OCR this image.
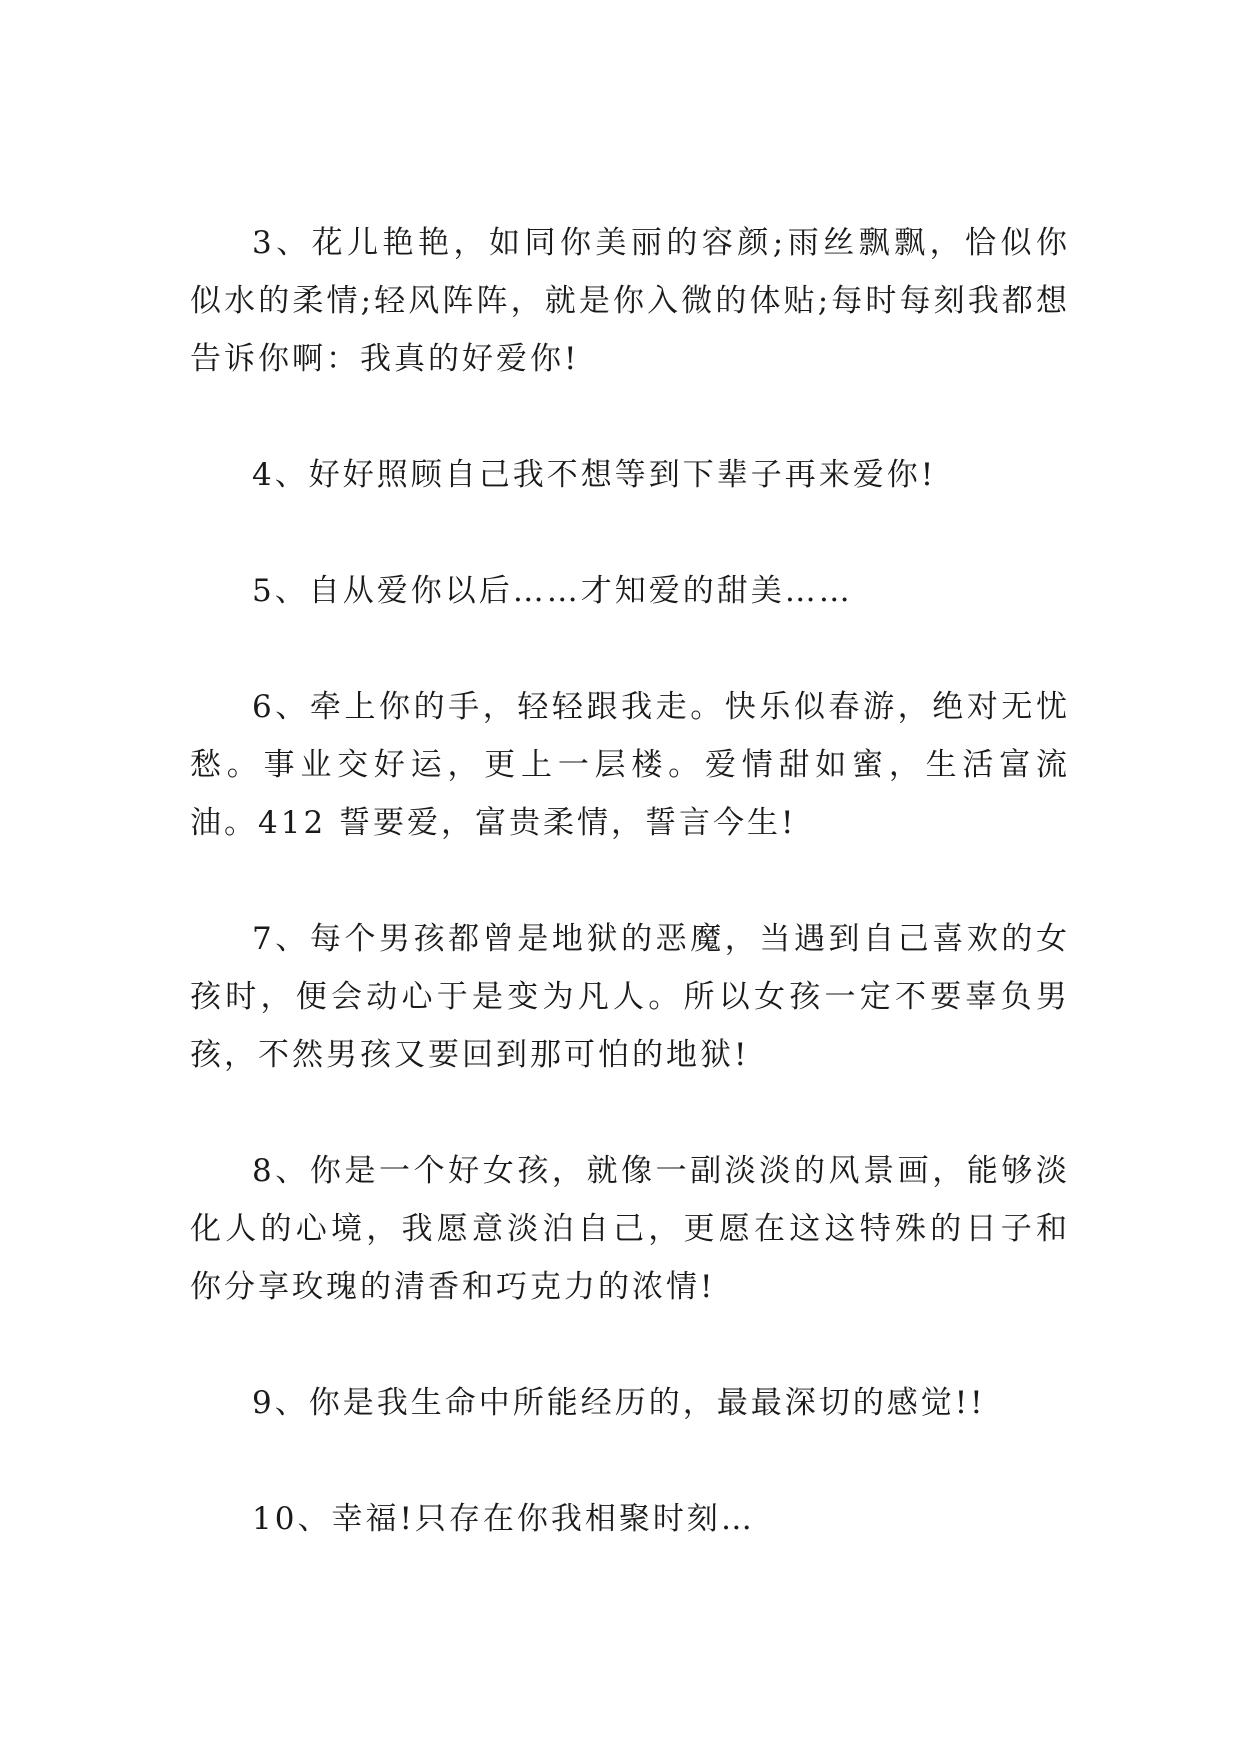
3、花儿艳艳，如同你美丽的容颜;雨丝飘飘，恰似你似水的柔情;轻风阵阵，就是你入微的体贴;每时每刻我都想告诉你啊：我真的好爱你!

4、好好照顾自己我不想等到下辈子再来爱你!

5、自从爱你以后……才知爱的甜美……

6、牵上你的手，轻轻跟我走。快乐似春游，绝对无忧愁。事业交好运，更上一层楼。爱情甜如蜜，生活富流油。412 誓要爱，富贵柔情，誓言今生!

7、每个男孩都曾是地狱的恶魔，当遇到自己喜欢的女孩时，便会动心于是变为凡人。所以女孩一定不要辜负男孩，不然男孩又要回到那可怕的地狱!

8、你是一个好女孩，就像一副淡淡的风景画，能够淡化人的心境，我愿意淡泊自己，更愿在这这特殊的日子和你分享玫瑰的清香和巧克力的浓情!

9、你是我生命中所能经历的，最最深切的感觉!!

10、幸福!只存在你我相聚时刻…
